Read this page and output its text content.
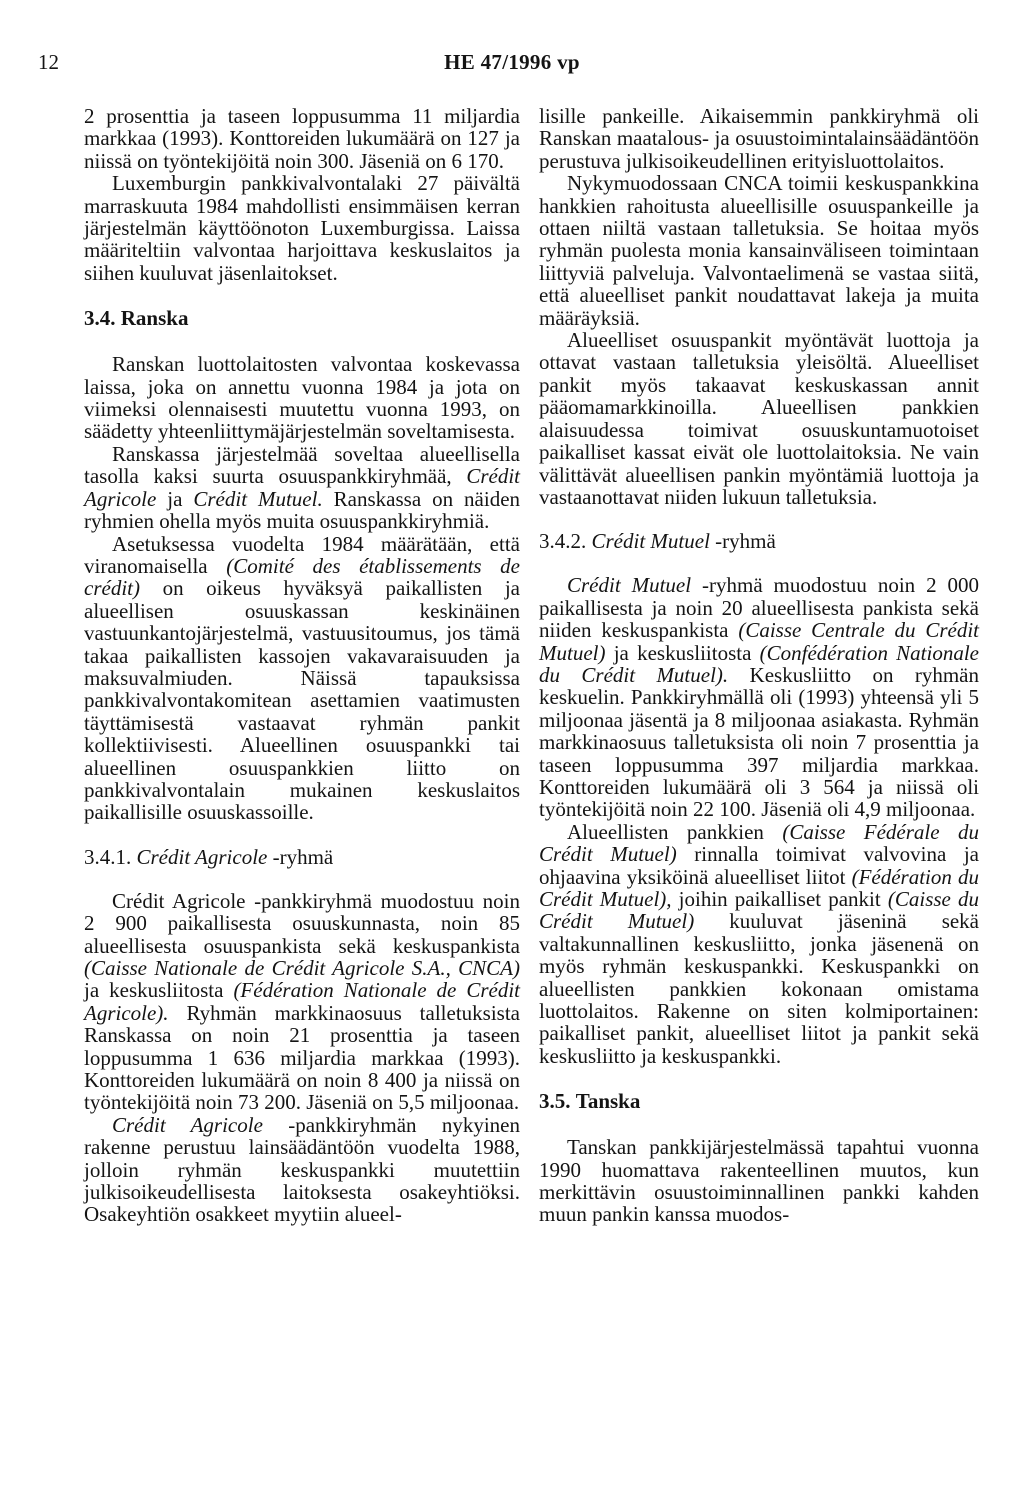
12	HE 47/1996 vp

2 prosenttia ja taseen loppusumma 11 miljardia markkaa (1993). Konttoreiden lukumäärä on 127 ja niissä on työntekijöitä noin 300. Jäseniä on 6 170.

Luxemburgin pankkivalvontalaki 27 päivältä marraskuuta 1984 mahdollisti ensimmäisen kerran järjestelmän käyttöönoton Luxemburgissa. Laissa määriteltiin valvontaa harjoittava keskuslaitos ja siihen kuuluvat jäsenlaitokset.

3.4. Ranska

Ranskan luottolaitosten valvontaa koskevassa laissa, joka on annettu vuonna 1984 ja jota on viimeksi olennaisesti muutettu vuonna 1993, on säädetty yhteenliittymäjärjestelmän soveltamisesta.

Ranskassa järjestelmää soveltaa alueellisella tasolla kaksi suurta osuuspankkiryhmää, Crédit Agricole ja Crédit Mutuel. Ranskassa on näiden ryhmien ohella myös muita osuuspankkiryhmiä.

Asetuksessa vuodelta 1984 määrätään, että viranomaisella (Comité des établissements de crédit) on oikeus hyväksyä paikallisten ja alueellisen osuuskassan keskinäinen vastuunkantojärjestelmä, vastuusitoumus, jos tämä takaa paikallisten kassojen vakavaraisuuden ja maksuvalmiuden. Näissä tapauksissa pankkivalvontakomitean asettamien vaatimusten täyttämisestä vastaavat ryhmän pankit kollektiivisesti. Alueellinen osuuspankki tai alueellinen osuuspankkien liitto on pankkivalvontalain mukainen keskuslaitos paikallisille osuuskassoille.

3.4.1. Crédit Agricole -ryhmä

Crédit Agricole -pankkiryhmä muodostuu noin 2 900 paikallisesta osuuskunnasta, noin 85 alueellisesta osuuspankista sekä keskuspankista (Caisse Nationale de Crédit Agricole S.A., CNCA) ja keskusliitosta (Fédération Nationale de Crédit Agricole). Ryhmän markkinaosuus talletuksista Ranskassa on noin 21 prosenttia ja taseen loppusumma 1 636 miljardia markkaa (1993). Konttoreiden lukumäärä on noin 8 400 ja niissä on työntekijöitä noin 73 200. Jäseniä on 5,5 miljoonaa.

Crédit Agricole -pankkiryhmän nykyinen rakenne perustuu lainsäädäntöön vuodelta 1988, jolloin ryhmän keskuspankki muutettiin julkisoikeudellisesta laitoksesta osakeyhtiöksi. Osakeyhtiön osakkeet myytiin alueel-

lisille pankeille. Aikaisemmin pankkiryhmä oli Ranskan maatalous- ja osuustoimintalainsäädäntöön perustuva julkisoikeudellinen erityisluottolaitos.

Nykymuodossaan CNCA toimii keskuspankkina hankkien rahoitusta alueellisille osuuspankeille ja ottaen niiltä vastaan talletuksia. Se hoitaa myös ryhmän puolesta monia kansainväliseen toimintaan liittyviä palveluja. Valvontaelimenä se vastaa siitä, että alueelliset pankit noudattavat lakeja ja muita määräyksiä.

Alueelliset osuuspankit myöntävät luottoja ja ottavat vastaan talletuksia yleisöltä. Alueelliset pankit myös takaavat keskuskassan annit pääomamarkkinoilla. Alueellisen pankkien alaisuudessa toimivat osuuskuntamuotoiset paikalliset kassat eivät ole luottolaitoksia. Ne vain välittävät alueellisen pankin myöntämiä luottoja ja vastaanottavat niiden lukuun talletuksia.

3.4.2. Crédit Mutuel -ryhmä

Crédit Mutuel -ryhmä muodostuu noin 2 000 paikallisesta ja noin 20 alueellisesta pankista sekä niiden keskuspankista (Caisse Centrale du Crédit Mutuel) ja keskusliitosta (Confédération Nationale du Crédit Mutuel). Keskusliitto on ryhmän keskuelin. Pankkiryhmällä oli (1993) yhteensä yli 5 miljoonaa jäsentä ja 8 miljoonaa asiakasta. Ryhmän markkinaosuus talletuksista oli noin 7 prosenttia ja taseen loppusumma 397 miljardia markkaa. Konttoreiden lukumäärä oli 3 564 ja niissä oli työntekijöitä noin 22 100. Jäseniä oli 4,9 miljoonaa.

Alueellisten pankkien (Caisse Fédérale du Crédit Mutuel) rinnalla toimivat valvovina ja ohjaavina yksiköinä alueelliset liitot (Fédération du Crédit Mutuel), joihin paikalliset pankit (Caisse du Crédit Mutuel) kuuluvat jäseninä sekä valtakunnallinen keskusliitto, jonka jäsenenä on myös ryhmän keskuspankki. Keskuspankki on alueellisten pankkien kokonaan omistama luottolaitos. Rakenne on siten kolmiportainen: paikalliset pankit, alueelliset liitot ja pankit sekä keskusliitto ja keskuspankki.

3.5. Tanska

Tanskan pankkijärjestelmässä tapahtui vuonna 1990 huomattava rakenteellinen muutos, kun merkittävin osuustoiminnallinen pankki kahden muun pankin kanssa muodos-
